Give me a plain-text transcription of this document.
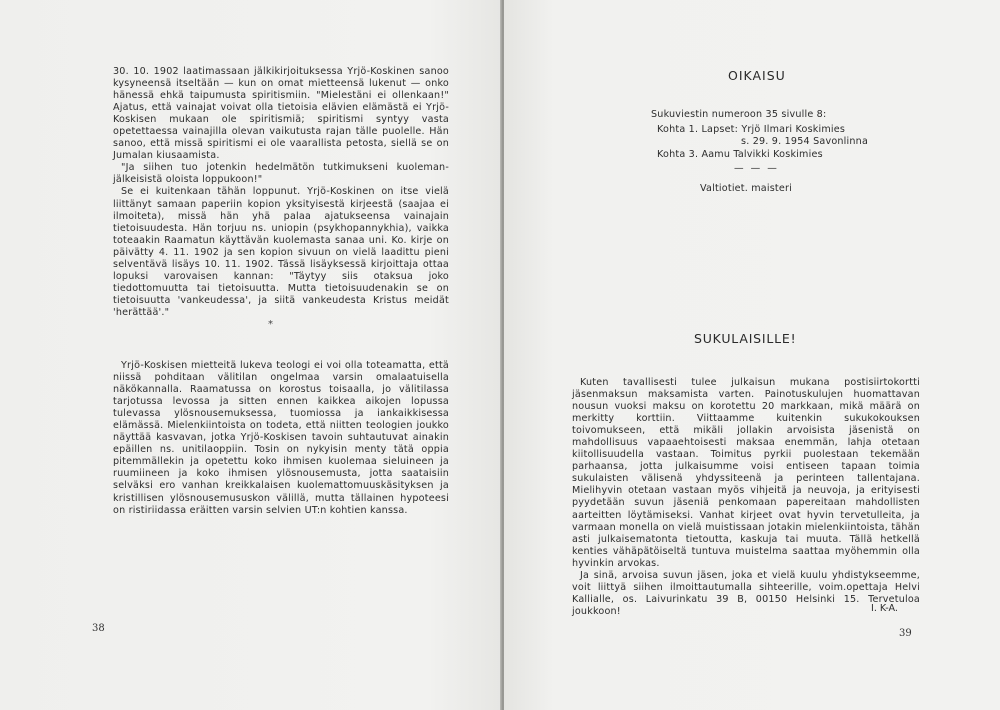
30. 10. 1902 laatimassaan jälkikirjoituksessa Yrjö-Koskinen sanoo kysyneensä itseltään — kun on omat mietteensä lukenut — onko hänessä ehkä taipumusta spiritismiin. "Mielestäni ei ollenkaan!" Ajatus, että vainajat voivat olla tietoisia elävien elämästä ei Yrjö-Koskisen mukaan ole spiritismiä; spiritismi syntyy vasta opetettaessa vainajilla olevan vaikutusta rajan tälle puolelle. Hän sanoo, että missä spiritismi ei ole vaarallista petosta, siellä se on Jumalan kiusaamista.

"Ja siihen tuo jotenkin hedelmätön tutkimukseni kuoleman-jälkeisistä oloista loppukoon!"

Se ei kuitenkaan tähän loppunut. Yrjö-Koskinen on itse vielä liittänyt samaan paperiin kopion yksityisestä kirjeestä (saajaa ei ilmoiteta), missä hän yhä palaa ajatukseensa vainajain tietoisuudesta. Hän torjuu ns. uniopin (psykhopannykhia), vaikka toteaakin Raamatun käyttävän kuolemasta sanaa uni. Ko. kirje on päivätty 4. 11. 1902 ja sen kopion sivuun on vielä laadittu pieni selventävä lisäys 10. 11. 1902. Tässä lisäyksessä kirjoittaja ottaa lopuksi varovaisen kannan: "Täytyy siis otaksua joko tiedottomuutta tai tietoisuutta. Mutta tietoisuudenakin se on tietoisuutta 'vankeudessa', ja siitä vankeudesta Kristus meidät 'herättää'."

*

Yrjö-Koskisen mietteitä lukeva teologi ei voi olla toteamatta, että niissä pohditaan välitilan ongelmaa varsin omalaatuisella näkökannalla. Raamatussa on korostus toisaalla, jo välitilassa tarjotussa levossa ja sitten ennen kaikkea aikojen lopussa tulevassa ylösnousemuksessa, tuomiossa ja iankaikkisessa elämässä. Mielenkiintoista on todeta, että niitten teologien joukko näyttää kasvavan, jotka Yrjö-Koskisen tavoin suhtautuvat ainakin epäillen ns. unitilaoppiin. Tosin on nykyisin menty tätä oppia pitemmällekin ja opetettu koko ihmisen kuolemaa sieluineen ja ruumiineen ja koko ihmisen ylösnousemusta, jotta saataisiin selväksi ero vanhan kreikkalaisen kuolemattomuuskäsityksen ja kristillisen ylösnousemususkon välillä, mutta tällainen hypoteesi on ristiriidassa eräitten varsin selvien UT:n kohtien kanssa.

38
OIKAISU
Sukuviestin numeroon 35 sivulle 8:
Kohta 1. Lapset: Yrjö Ilmari Koskimies
s. 29. 9. 1954 Savonlinna
Kohta 3. Aamu Talvikki Koskimies
— — —
Valtiotiet. maisteri
SUKULAISILLE!

Kuten tavallisesti tulee julkaisun mukana postisiirtokortti jäsenmaksun maksamista varten. Painotuskulujen huomattavan nousun vuoksi maksu on korotettu 20 markkaan, mikä määrä on merkitty korttiin. Viittaamme kuitenkin sukukokouksen toivomukseen, että mikäli jollakin arvoisista jäsenistä on mahdollisuus vapaaehtoisesti maksaa enemmän, lahja otetaan kiitollisuudella vastaan. Toimitus pyrkii puolestaan tekemään parhaansa, jotta julkaisumme voisi entiseen tapaan toimia sukulaisten välisenä yhdyssiteenä ja perinteen tallentajana. Mielihyvin otetaan vastaan myös vihjeitä ja neuvoja, ja erityisesti pyydetään suvun jäseniä penkomaan papereitaan mahdollisten aarteitten löytämiseksi. Vanhat kirjeet ovat hyvin tervetulleita, ja varmaan monella on vielä muistissaan jotakin mielenkiintoista, tähän asti julkaisematonta tietoutta, kaskuja tai muuta. Tällä hetkellä kenties vähäpätöiseltä tuntuva muistelma saattaa myöhemmin olla hyvinkin arvokas.

Ja sinä, arvoisa suvun jäsen, joka et vielä kuulu yhdistykseemme, voit liittyä siihen ilmoittautumalla sihteerille, voim.opettaja Helvi Kallialle, os. Laivurinkatu 39 B, 00150 Helsinki 15. Tervetuloa joukkoon!	I. K-A.
39
